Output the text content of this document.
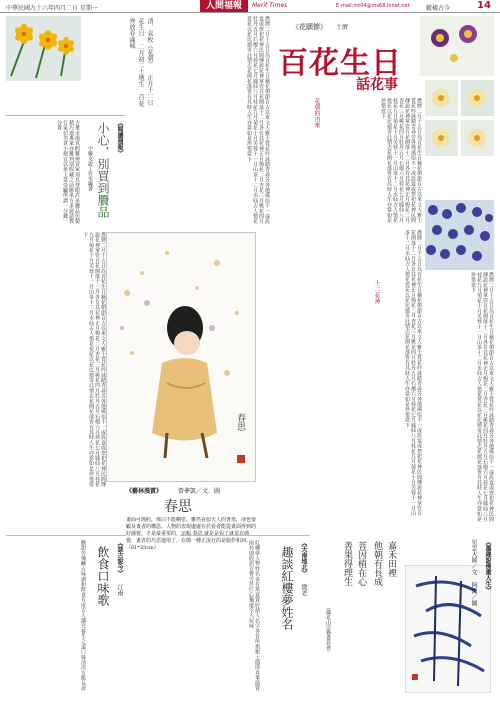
中華民國九十六年四月二日 星期一	人間福報	Merit Times	E-mail:mt04@ms68.hinet.net	縱橫古今	14
清．袁枚《花朝》 正月十二日花生日 二月初二土地生 百花齊放春滿城
《閱讀週報》
小心，別買到贗品
宇解文說工作室編著
古董市場真假難辨買家須具慧眼許多贗品仿製精巧連專家亦難判別收藏之前應多方求證請教行家切勿貪小便宜以免上當受騙所謂一分錢一分貨
農曆二月十五日為百花生日稱花朝節自古以來文人雅士賞花吟詠踏青尋芳各地風俗不一或設宴或祭祀花神民間傳說花神掌管百花開落十二月各有其花神正月梅花二月杏花三月桃花四月牡丹五月石榴六月荷花七月鳳仙八月桂花九月菊花十月芙蓉十一月山茶十二月水仙古人惜花愛花以花比德寄託情志花開花落皆有其時人生亦當如是珍惜當下
春思
《藝林漫賞》	曾夢凱／文．圖
春思
畫面可簡約，佈白不能糊塗。雖然看似天人的著墨，卻也要顧及畫者的構思。人物的表現處處在於看者能從畫面得到的好感覺，才是最重要的。這幅 春思 就是是看了就很有感覺，畫者的巧思運用了，在簡一種正流行的是服作和詞。（61*33cm）
《談古說今》
江南
飲食口味歌
酸甜苦辣鹹五味調和飲食有度古人講究養生之道口味清淡方能長壽	《天南地北》
微老
趣談紅樓夢姓名
紅樓夢人物姓名多有寓意賈府諸人名字各有所指甄士隱即真事隱賈雨村即假語存曹雪芹匠心獨運令人玩味
農曆二月十五日為百花生日稱花朝節自古以來文人雅士賞花吟詠踏青尋芳各地風俗不一或設宴或祭祀花神民間傳說花神掌管百花開落十二月各有其花神正月梅花二月杏花三月桃花四月牡丹五月石榴六月荷花七月鳳仙八月桂花九月菊花十月芙蓉十一月山茶十二月水仙古人惜花愛花以花比德寄託情志花開花落皆有其時人生亦當如是珍惜當下	《花願節》 士濟
百花生日
話花事
農曆二月十五日為百花生日稱花朝節自古以來文人雅士賞花吟詠踏青尋芳各地風俗不一或設宴或祭祀花神民間傳說花神掌管百花開落十二月各有其花神正月梅花二月杏花三月桃花四月牡丹五月石榴六月荷花七月鳳仙八月桂花九月菊花十月芙蓉十一月山茶十二月水仙古人惜花愛花以花比德寄託情志花開花落皆有其時人生亦當如是珍惜當下
農曆二月十五日為百花生日稱花朝節自古以來文人雅士賞花吟詠踏青尋芳各地風俗不一或設宴或祭祀花神民間傳說花神掌管百花開落十二月各有其花神正月梅花二月杏花三月桃花四月牡丹五月石榴六月荷花七月鳳仙八月桂花九月菊花十月芙蓉十一月山茶十二月水仙古人惜花愛花以花比德寄託情志花開花落皆有其時人生亦當如是珍惜當下
花朝的由來
十二花神	農曆二月十五日為百花生日稱花朝節自古以來文人雅士賞花吟詠踏青尋芳各地風俗不一或設宴或祭祀花神民間傳說花神掌管百花開落十二月各有其花神正月梅花二月杏花三月桃花四月牡丹五月石榴六月荷花七月鳳仙八月桂花九月菊花十月芙蓉十一月山茶十二月水仙古人惜花愛花以花比德寄託情志花開花落皆有其時人生亦當如是珍惜當下
嘉禾田裡
他朝有長成
菩因植在心
善果得理生
（佛光山宗務委員會）
《墨趣說佛畫人生》
星雲大師／文 阿禹／圖
